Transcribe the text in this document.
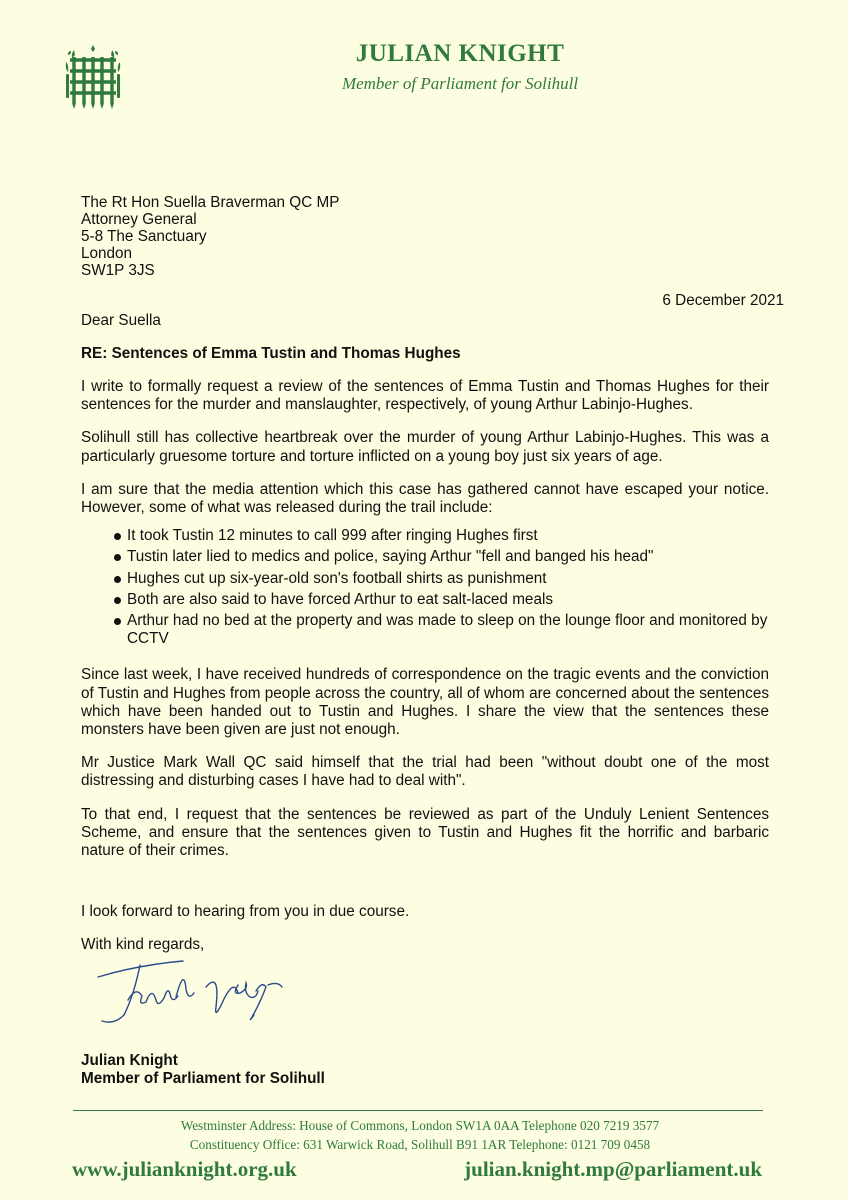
JULIAN KNIGHT
Member of Parliament for Solihull
The Rt Hon Suella Braverman QC MP
Attorney General
5-8 The Sanctuary
London
SW1P 3JS
6 December 2021
Dear Suella
RE: Sentences of Emma Tustin and Thomas Hughes

I write to formally request a review of the sentences of Emma Tustin and Thomas Hughes for their sentences for the murder and manslaughter, respectively, of young Arthur Labinjo-Hughes.

Solihull still has collective heartbreak over the murder of young Arthur Labinjo-Hughes. This was a particularly gruesome torture and torture inflicted on a young boy just six years of age.

I am sure that the media attention which this case has gathered cannot have escaped your notice. However, some of what was released during the trail include:

It took Tustin 12 minutes to call 999 after ringing Hughes first
Tustin later lied to medics and police, saying Arthur "fell and banged his head"
Hughes cut up six-year-old son's football shirts as punishment
Both are also said to have forced Arthur to eat salt-laced meals
Arthur had no bed at the property and was made to sleep on the lounge floor and monitored by CCTV

Since last week, I have received hundreds of correspondence on the tragic events and the conviction of Tustin and Hughes from people across the country, all of whom are concerned about the sentences which have been handed out to Tustin and Hughes. I share the view that the sentences these monsters have been given are just not enough.

Mr Justice Mark Wall QC said himself that the trial had been "without doubt one of the most distressing and disturbing cases I have had to deal with".

To that end, I request that the sentences be reviewed as part of the Unduly Lenient Sentences Scheme, and ensure that the sentences given to Tustin and Hughes fit the horrific and barbaric nature of their crimes.

I look forward to hearing from you in due course.
With kind regards,
Julian Knight
Member of Parliament for Solihull
Westminster Address: House of Commons, London SW1A 0AA Telephone 020 7219 3577
Constituency Office: 631 Warwick Road, Solihull B91 1AR Telephone: 0121 709 0458
www.julianknight.org.uk	julian.knight.mp@parliament.uk
